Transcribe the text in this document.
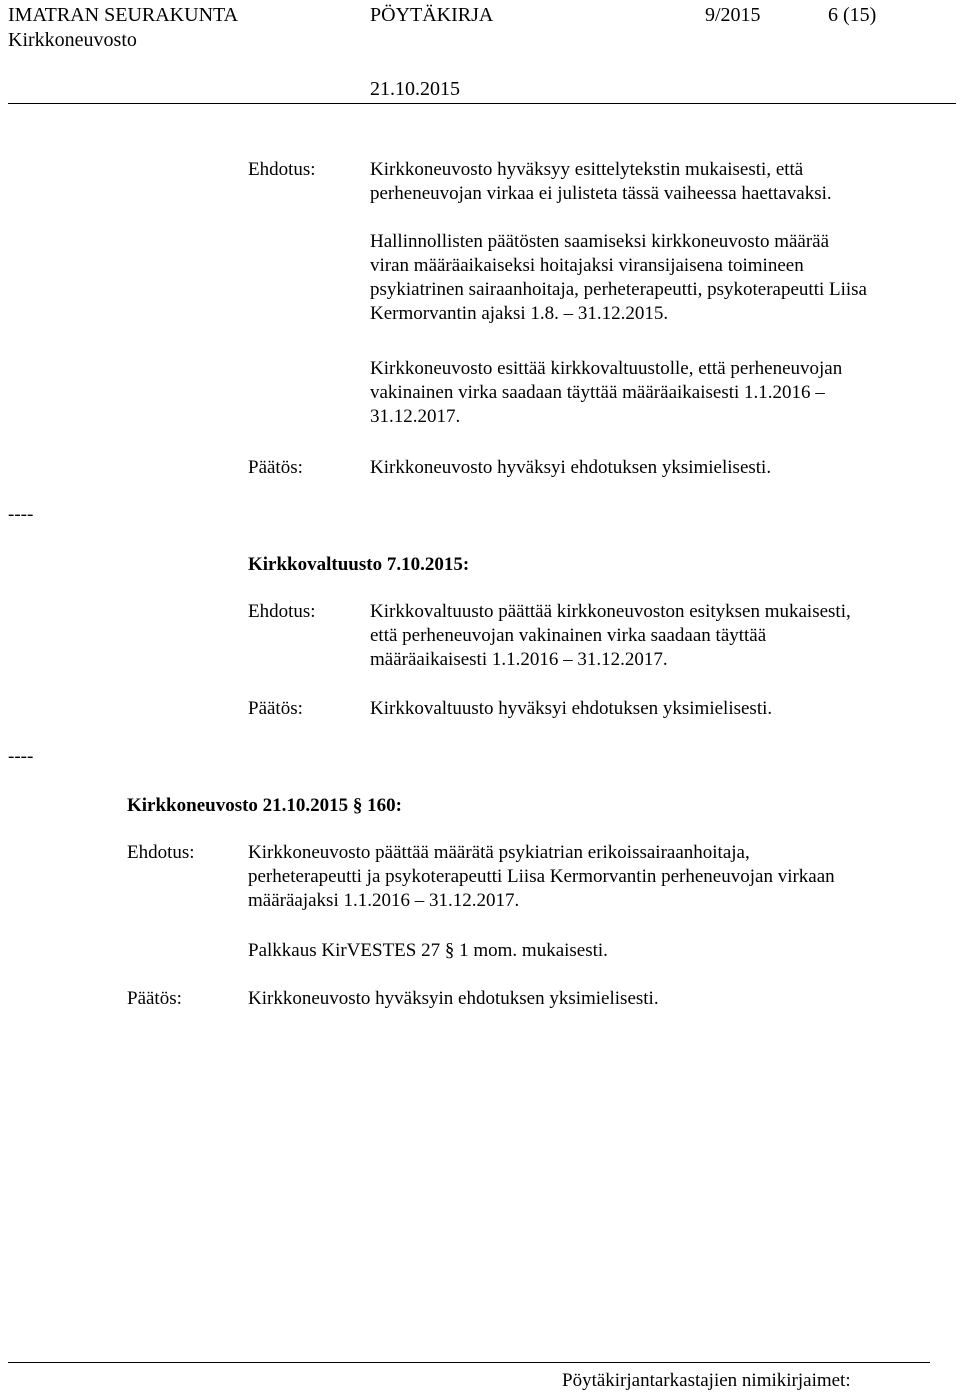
IMATRAN SEURAKUNTA	PÖYTÄKIRJA	9/2015	6 (15)
Kirkkoneuvosto
21.10.2015
Ehdotus:	Kirkkoneuvosto hyväksyy esittelytekstin mukaisesti, että
perheneuvojan virkaa ei julisteta tässä vaiheessa haettavaksi.
Hallinnollisten päätösten saamiseksi kirkkoneuvosto määrää
viran määräaikaiseksi hoitajaksi viransijaisena toimineen
psykiatrinen sairaanhoitaja, perheterapeutti, psykoterapeutti Liisa
Kermorvantin ajaksi 1.8. – 31.12.2015.
Kirkkoneuvosto esittää kirkkovaltuustolle, että perheneuvojan
vakinainen virka saadaan täyttää määräaikaisesti 1.1.2016 –
31.12.2017.
Päätös:	Kirkkoneuvosto hyväksyi ehdotuksen yksimielisesti.
----
Kirkkovaltuusto 7.10.2015:
Ehdotus:	Kirkkovaltuusto päättää kirkkoneuvoston esityksen mukaisesti,
että perheneuvojan vakinainen virka saadaan täyttää
määräaikaisesti 1.1.2016 – 31.12.2017.
Päätös:	Kirkkovaltuusto hyväksyi ehdotuksen yksimielisesti.
----
Kirkkoneuvosto 21.10.2015 § 160:
Ehdotus:	Kirkkoneuvosto päättää määrätä psykiatrian erikoissairaanhoitaja,
perheterapeutti ja psykoterapeutti Liisa Kermorvantin perheneuvojan virkaan
määräajaksi 1.1.2016 – 31.12.2017.
Palkkaus KirVESTES 27 § 1 mom. mukaisesti.
Päätös:	Kirkkoneuvosto hyväksyin ehdotuksen yksimielisesti.
Pöytäkirjantarkastajien nimikirjaimet:
